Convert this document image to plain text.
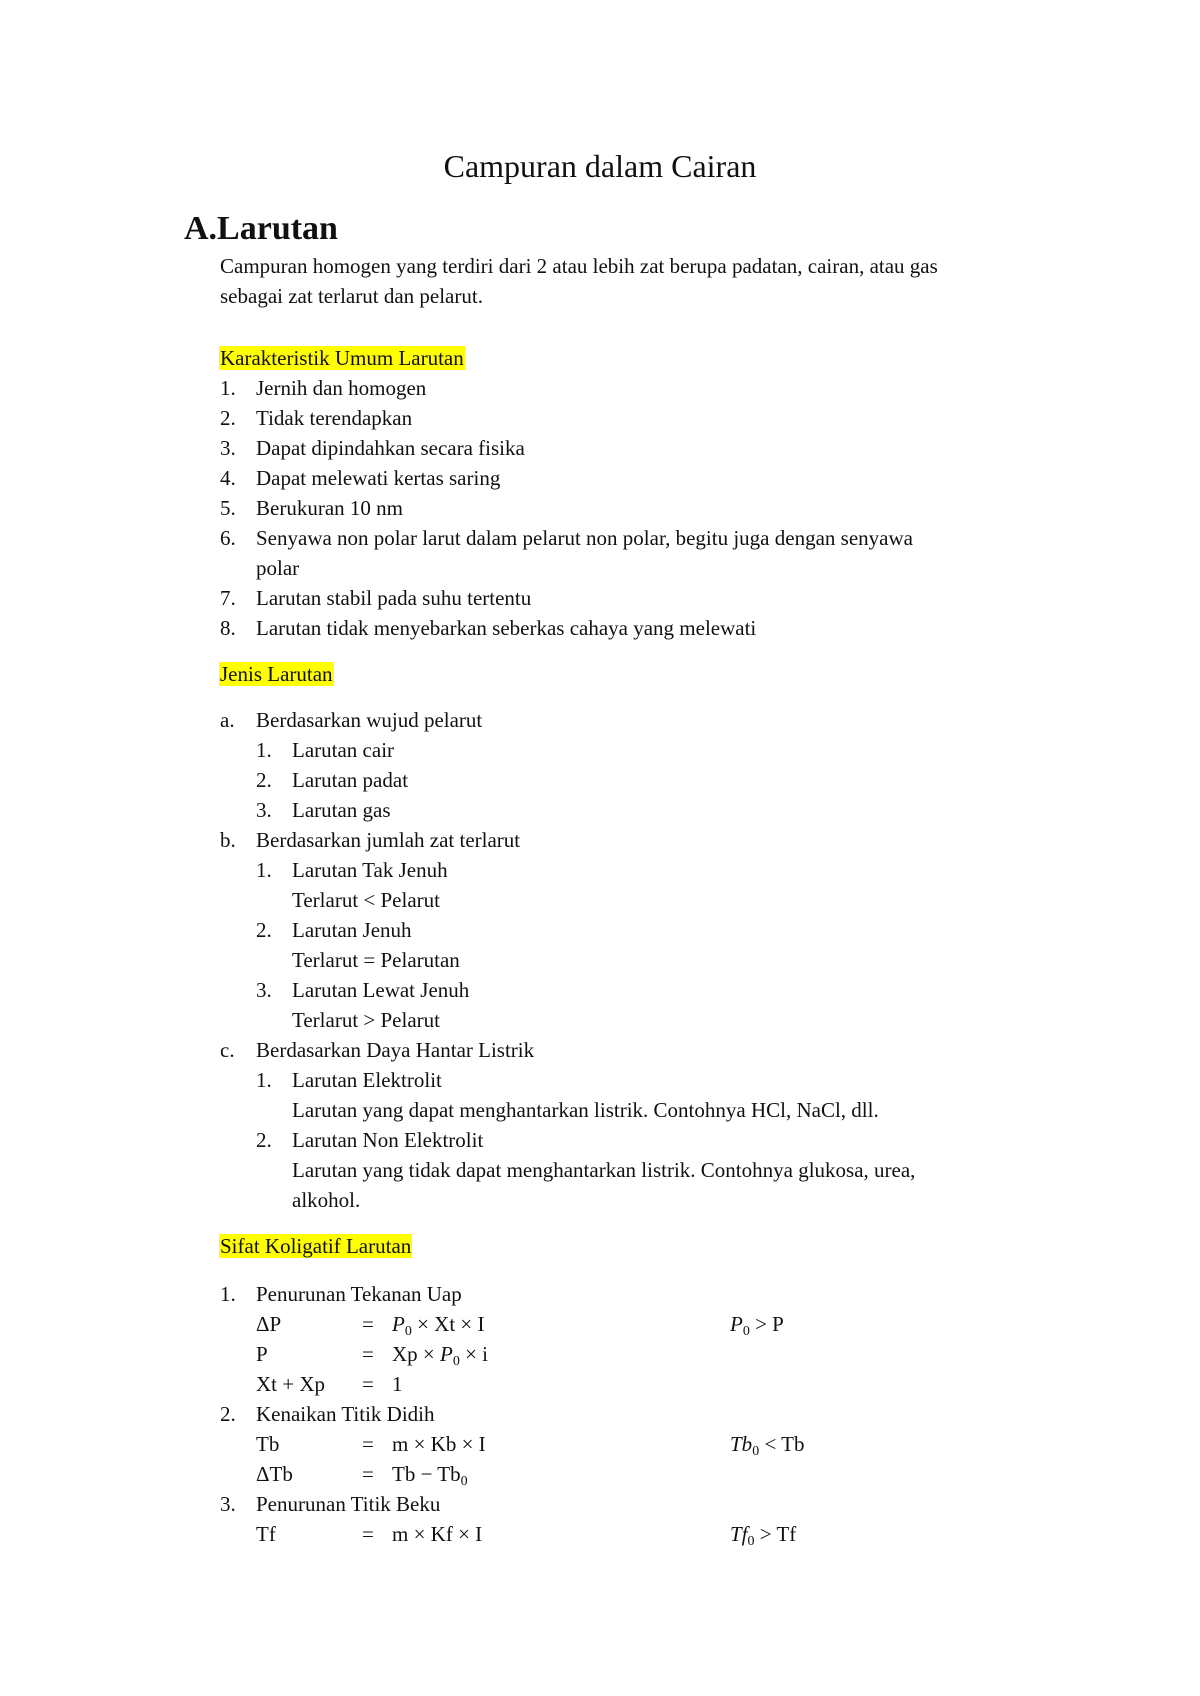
Campuran dalam Cairan
A.Larutan
Campuran homogen yang terdiri dari 2 atau lebih zat berupa padatan, cairan, atau gas
sebagai zat terlarut dan pelarut.
Karakteristik Umum Larutan
1. Jernih dan homogen
2. Tidak terendapkan
3. Dapat dipindahkan secara fisika
4. Dapat melewati kertas saring
5. Berukuran 10 nm
6. Senyawa non polar larut dalam pelarut non polar, begitu juga dengan senyawa
polar
7. Larutan stabil pada suhu tertentu
8. Larutan tidak menyebarkan seberkas cahaya yang melewati
Jenis Larutan
a. Berdasarkan wujud pelarut
1. Larutan cair
2. Larutan padat
3. Larutan gas
b. Berdasarkan jumlah zat terlarut
1. Larutan Tak Jenuh
Terlarut < Pelarut
2. Larutan Jenuh
Terlarut = Pelarutan
3. Larutan Lewat Jenuh
Terlarut > Pelarut
c. Berdasarkan Daya Hantar Listrik
1. Larutan Elektrolit
Larutan yang dapat menghantarkan listrik. Contohnya HCl, NaCl, dll.
2. Larutan Non Elektrolit
Larutan yang tidak dapat menghantarkan listrik. Contohnya glukosa, urea,
alkohol.
Sifat Koligatif Larutan
1. Penurunan Tekanan Uap
ΔP	= $P_0 \times Xt \times I$	$P_0 > P$
P	= $Xp \times P_0 \times i$
Xt + Xp = 1
2. Kenaikan Titik Didih
Tb	= m × Kb × I	$Tb_0 < Tb$
ΔTb	= $Tb - Tb_0$
3. Penurunan Titik Beku
Tf	= m × Kf × I	$Tf_0 > Tf$
